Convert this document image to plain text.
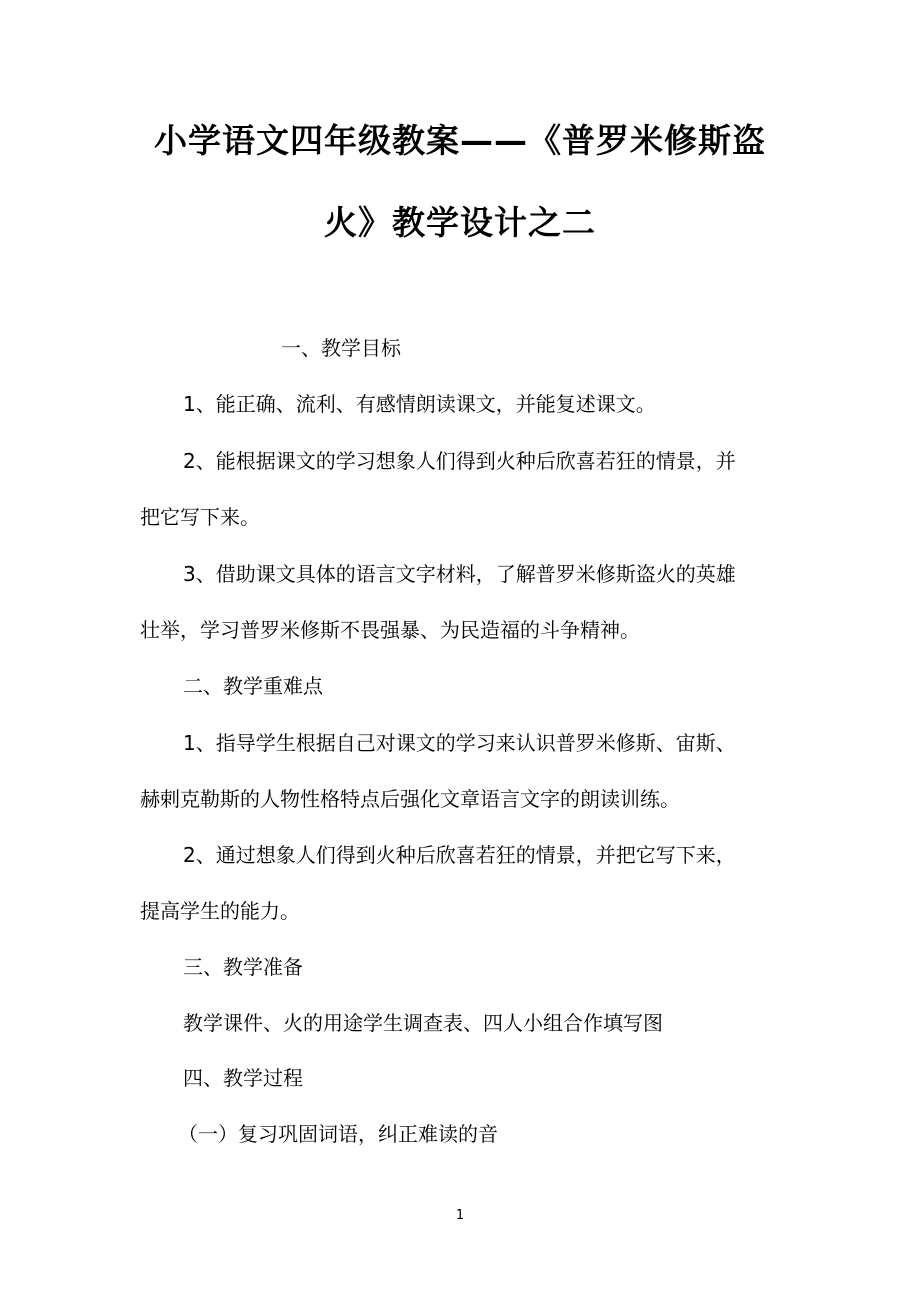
小学语文四年级教案——《普罗米修斯盗
火》教学设计之二
一、教学目标
1、能正确、流利、有感情朗读课文，并能复述课文。
2、能根据课文的学习想象人们得到火种后欣喜若狂的情景，并
把它写下来。
3、借助课文具体的语言文字材料，了解普罗米修斯盗火的英雄
壮举，学习普罗米修斯不畏强暴、为民造福的斗争精神。
二、教学重难点
1、指导学生根据自己对课文的学习来认识普罗米修斯、宙斯、
赫剌克勒斯的人物性格特点后强化文章语言文字的朗读训练。
2、通过想象人们得到火种后欣喜若狂的情景，并把它写下来，
提高学生的能力。
三、教学准备
教学课件、火的用途学生调查表、四人小组合作填写图
四、教学过程
（一）复习巩固词语，纠正难读的音
1
